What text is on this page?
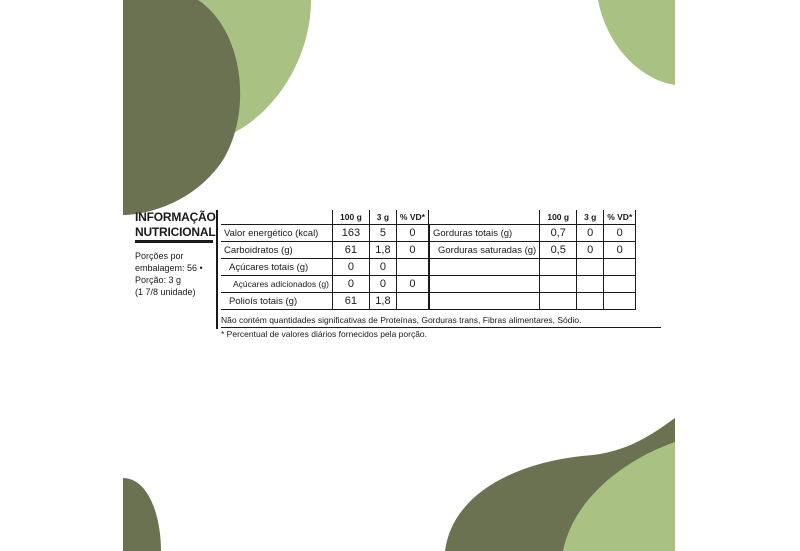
INFORMAÇÃO
NUTRICIONAL
Porções por
embalagem: 56 •
Porção: 3 g
(1 7/8 unidade)
	100 g	3 g	% VD*
Valor energético (kcal)	163	5	0
Carboidratos (g)	61	1,8	0
Açúcares totais (g)	0	0	
Açúcares adicionados (g)	0	0	0
Polioís totais (g)	61	1,8	
	100 g	3 g	% VD*
Gorduras totais (g)	0,7	0	0
Gorduras saturadas (g)	0,5	0	0

Não contém quantidades significativas de Proteínas, Gorduras trans, Fibras alimentares, Sódio.
* Percentual de valores diários fornecidos pela porção.
